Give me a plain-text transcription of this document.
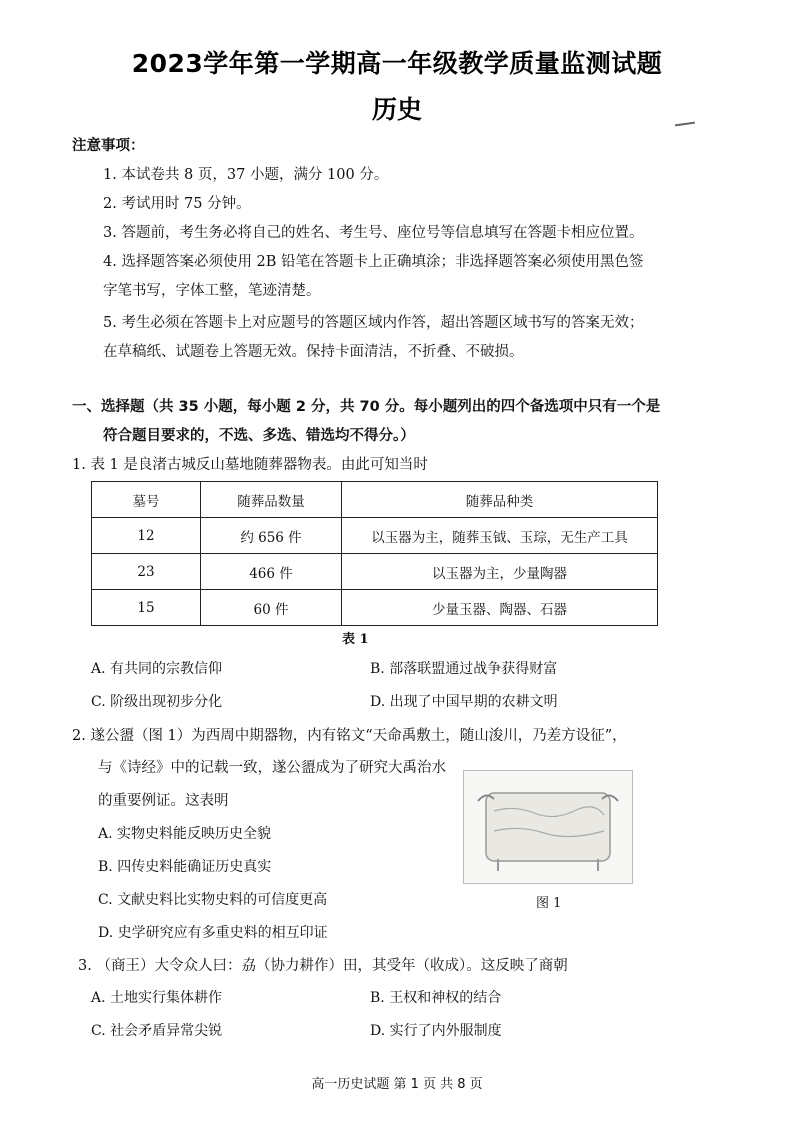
2023学年第一学期高一年级教学质量监测试题
历史
注意事项：
1. 本试卷共 8 页，37 小题，满分 100 分。
2. 考试用时 75 分钟。
3. 答题前，考生务必将自己的姓名、考生号、座位号等信息填写在答题卡相应位置。
4. 选择题答案必须使用 2B 铅笔在答题卡上正确填涂；非选择题答案必须使用黑色签
字笔书写，字体工整，笔迹清楚。
5. 考生必须在答题卡上对应题号的答题区域内作答，超出答题区域书写的答案无效；
在草稿纸、试题卷上答题无效。保持卡面清洁，不折叠、不破损。
一、选择题（共 35 小题，每小题 2 分，共 70 分。每小题列出的四个备选项中只有一个是
符合题目要求的，不选、多选、错选均不得分。）
1. 表 1 是良渚古城反山墓地随葬器物表。由此可知当时
墓号	随葬品数量	随葬品种类
12	约 656 件	以玉器为主，随葬玉钺、玉琮，无生产工具
23	466 件	以玉器为主，少量陶器
15	60 件	少量玉器、陶器、石器
表 1
A. 有共同的宗教信仰	B. 部落联盟通过战争获得财富
C. 阶级出现初步分化	D. 出现了中国早期的农耕文明
2. 遂公盨（图 1）为西周中期器物，内有铭文“天命禹敷土，随山浚川，乃差方设征”，
与《诗经》中的记载一致，遂公盨成为了研究大禹治水
的重要例证。这表明
图 1
A. 实物史料能反映历史全貌
B. 四传史料能确证历史真实
C. 文献史料比实物史料的可信度更高
D. 史学研究应有多重史料的相互印证
3. （商王）大令众人曰：劦（协力耕作）田，其受年（收成）。这反映了商朝
A. 土地实行集体耕作	B. 王权和神权的结合
C. 社会矛盾异常尖锐	D. 实行了内外服制度
高一历史试题 第 1 页 共 8 页
